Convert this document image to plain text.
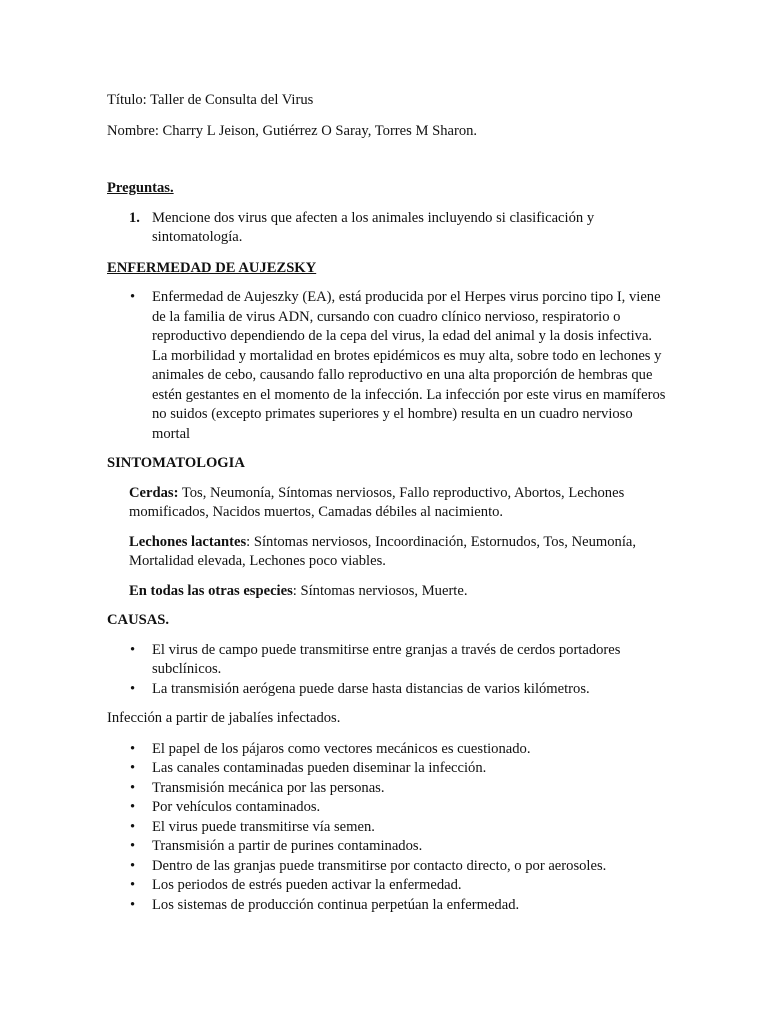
Título: Taller de Consulta del Virus

Nombre: Charry L Jeison, Gutiérrez O Saray, Torres M Sharon.

Preguntas.

1. Mencione dos virus que afecten a los animales incluyendo si clasificación y sintomatología.

ENFERMEDAD DE AUJEZSKY

• Enfermedad de Aujeszky (EA), está producida por el Herpes virus porcino tipo I, viene de la familia de virus ADN, cursando con cuadro clínico nervioso, respiratorio o reproductivo dependiendo de la cepa del virus, la edad del animal y la dosis infectiva. La morbilidad y mortalidad en brotes epidémicos es muy alta, sobre todo en lechones y animales de cebo, causando fallo reproductivo en una alta proporción de hembras que estén gestantes en el momento de la infección. La infección por este virus en mamíferos no suidos (excepto primates superiores y el hombre) resulta en un cuadro nervioso mortal

SINTOMATOLOGIA

Cerdas: Tos, Neumonía, Síntomas nerviosos, Fallo reproductivo, Abortos, Lechones momificados, Nacidos muertos, Camadas débiles al nacimiento.

Lechones lactantes: Síntomas nerviosos, Incoordinación, Estornudos, Tos, Neumonía, Mortalidad elevada, Lechones poco viables.

En todas las otras especies: Síntomas nerviosos, Muerte.

CAUSAS.

• El virus de campo puede transmitirse entre granjas a través de cerdos portadores subclínicos.
• La transmisión aerógena puede darse hasta distancias de varios kilómetros.

Infección a partir de jabalíes infectados.

• El papel de los pájaros como vectores mecánicos es cuestionado.
• Las canales contaminadas pueden diseminar la infección.
• Transmisión mecánica por las personas.
• Por vehículos contaminados.
• El virus puede transmitirse vía semen.
• Transmisión a partir de purines contaminados.
• Dentro de las granjas puede transmitirse por contacto directo, o por aerosoles.
• Los periodos de estrés pueden activar la enfermedad.
• Los sistemas de producción continua perpetúan la enfermedad.
